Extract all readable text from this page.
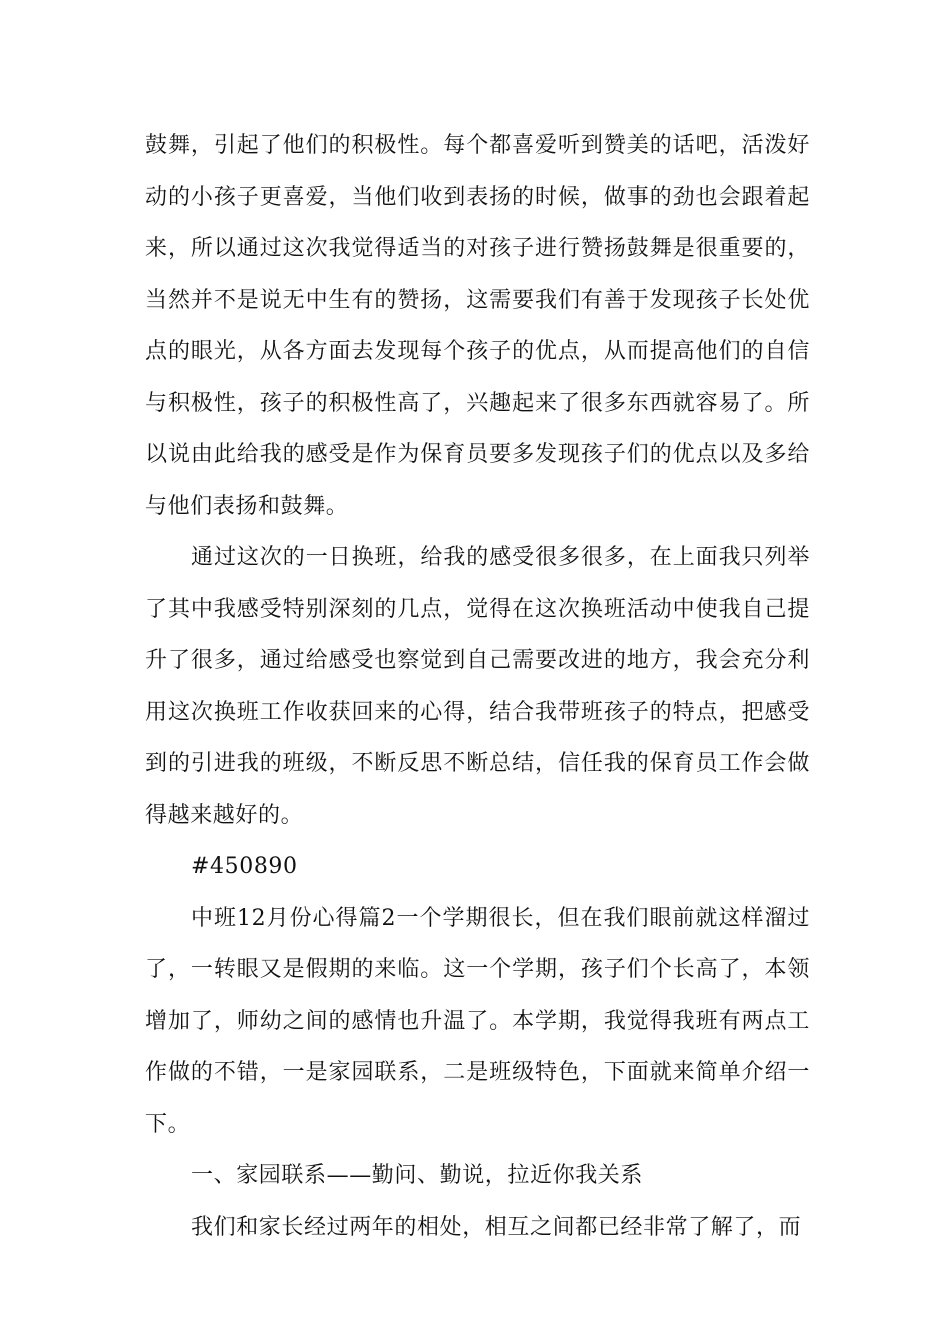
鼓舞，引起了他们的积极性。每个都喜爱听到赞美的话吧，活泼好动的小孩子更喜爱，当他们收到表扬的时候，做事的劲也会跟着起来，所以通过这次我觉得适当的对孩子进行赞扬鼓舞是很重要的，当然并不是说无中生有的赞扬，这需要我们有善于发现孩子长处优点的眼光，从各方面去发现每个孩子的优点，从而提高他们的自信与积极性，孩子的积极性高了，兴趣起来了很多东西就容易了。所以说由此给我的感受是作为保育员要多发现孩子们的优点以及多给与他们表扬和鼓舞。

通过这次的一日换班，给我的感受很多很多，在上面我只列举了其中我感受特别深刻的几点，觉得在这次换班活动中使我自己提升了很多，通过给感受也察觉到自己需要改进的地方，我会充分利用这次换班工作收获回来的心得，结合我带班孩子的特点，把感受到的引进我的班级，不断反思不断总结，信任我的保育员工作会做得越来越好的。

#450890

中班12月份心得篇2一个学期很长，但在我们眼前就这样溜过了，一转眼又是假期的来临。这一个学期，孩子们个长高了，本领增加了，师幼之间的感情也升温了。本学期，我觉得我班有两点工作做的不错，一是家园联系，二是班级特色，下面就来简单介绍一下。

一、家园联系——勤问、勤说，拉近你我关系

我们和家长经过两年的相处，相互之间都已经非常了解了，而
